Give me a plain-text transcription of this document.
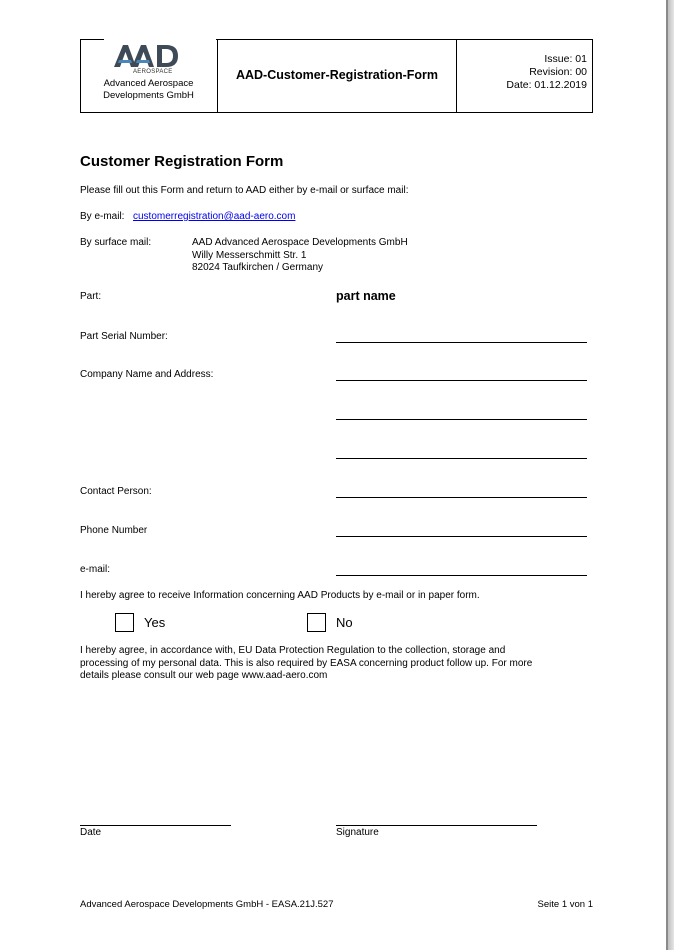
AEROSPACE
Advanced Aerospace
Developments GmbH
AAD-Customer-Registration-Form
Issue: 01
Revision: 00
Date: 01.12.2019
Customer Registration Form
Please fill out this Form and return to AAD either by e-mail or surface mail:
By e-mail: customerregistration@aad-aero.com
By surface mail:	AAD Advanced Aerospace Developments GmbH
Willy Messerschmitt Str. 1
82024 Taufkirchen / Germany
Part:	part name
Part Serial Number:
Company Name and Address:
Contact Person:
Phone Number
e-mail:
I hereby agree to receive Information concerning AAD Products by e-mail or in paper form.
Yes	No
I hereby agree, in accordance with, EU Data Protection Regulation to the collection, storage and
processing of my personal data. This is also required by EASA concerning product follow up. For more
details please consult our web page www.aad-aero.com
Date	Signature
Advanced Aerospace Developments GmbH - EASA.21J.527	Seite 1 von 1
